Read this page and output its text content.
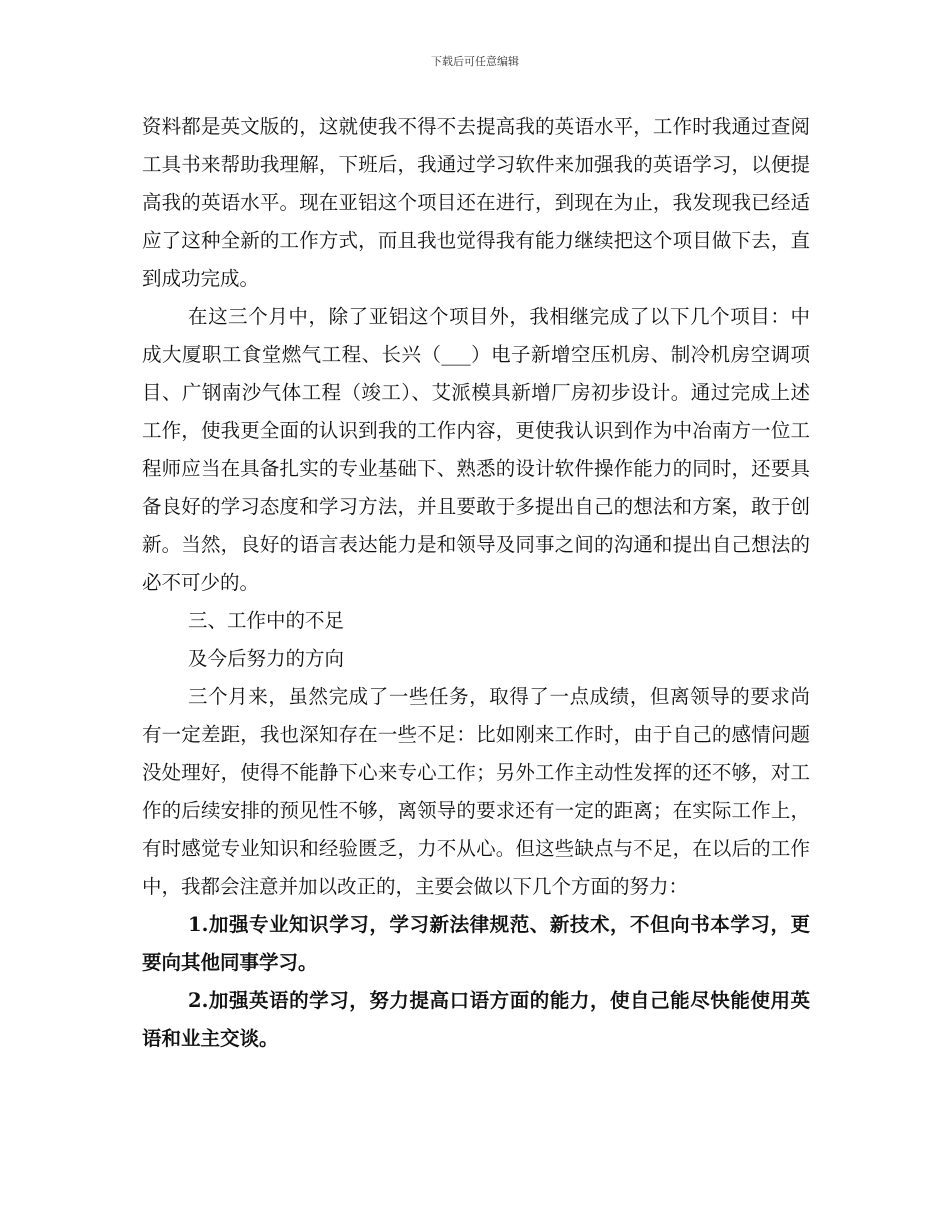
下载后可任意编辑

资料都是英文版的，这就使我不得不去提高我的英语水平，工作时我通过查阅工具书来帮助我理解，下班后，我通过学习软件来加强我的英语学习，以便提高我的英语水平。现在亚铝这个项目还在进行，到现在为止，我发现我已经适应了这种全新的工作方式，而且我也觉得我有能力继续把这个项目做下去，直到成功完成。

在这三个月中，除了亚铝这个项目外，我相继完成了以下几个项目：中成大厦职工食堂燃气工程、长兴（___）电子新增空压机房、制冷机房空调项目、广钢南沙气体工程（竣工）、艾派模具新增厂房初步设计。通过完成上述工作，使我更全面的认识到我的工作内容，更使我认识到作为中冶南方一位工程师应当在具备扎实的专业基础下、熟悉的设计软件操作能力的同时，还要具备良好的学习态度和学习方法，并且要敢于多提出自己的想法和方案，敢于创新。当然，良好的语言表达能力是和领导及同事之间的沟通和提出自己想法的必不可少的。

三、工作中的不足

及今后努力的方向

三个月来，虽然完成了一些任务，取得了一点成绩，但离领导的要求尚有一定差距，我也深知存在一些不足：比如刚来工作时，由于自己的感情问题没处理好，使得不能静下心来专心工作；另外工作主动性发挥的还不够，对工作的后续安排的预见性不够，离领导的要求还有一定的距离；在实际工作上，有时感觉专业知识和经验匮乏，力不从心。但这些缺点与不足，在以后的工作中，我都会注意并加以改正的，主要会做以下几个方面的努力：

1.加强专业知识学习，学习新法律规范、新技术，不但向书本学习，更要向其他同事学习。

2.加强英语的学习，努力提高口语方面的能力，使自己能尽快能使用英语和业主交谈。
